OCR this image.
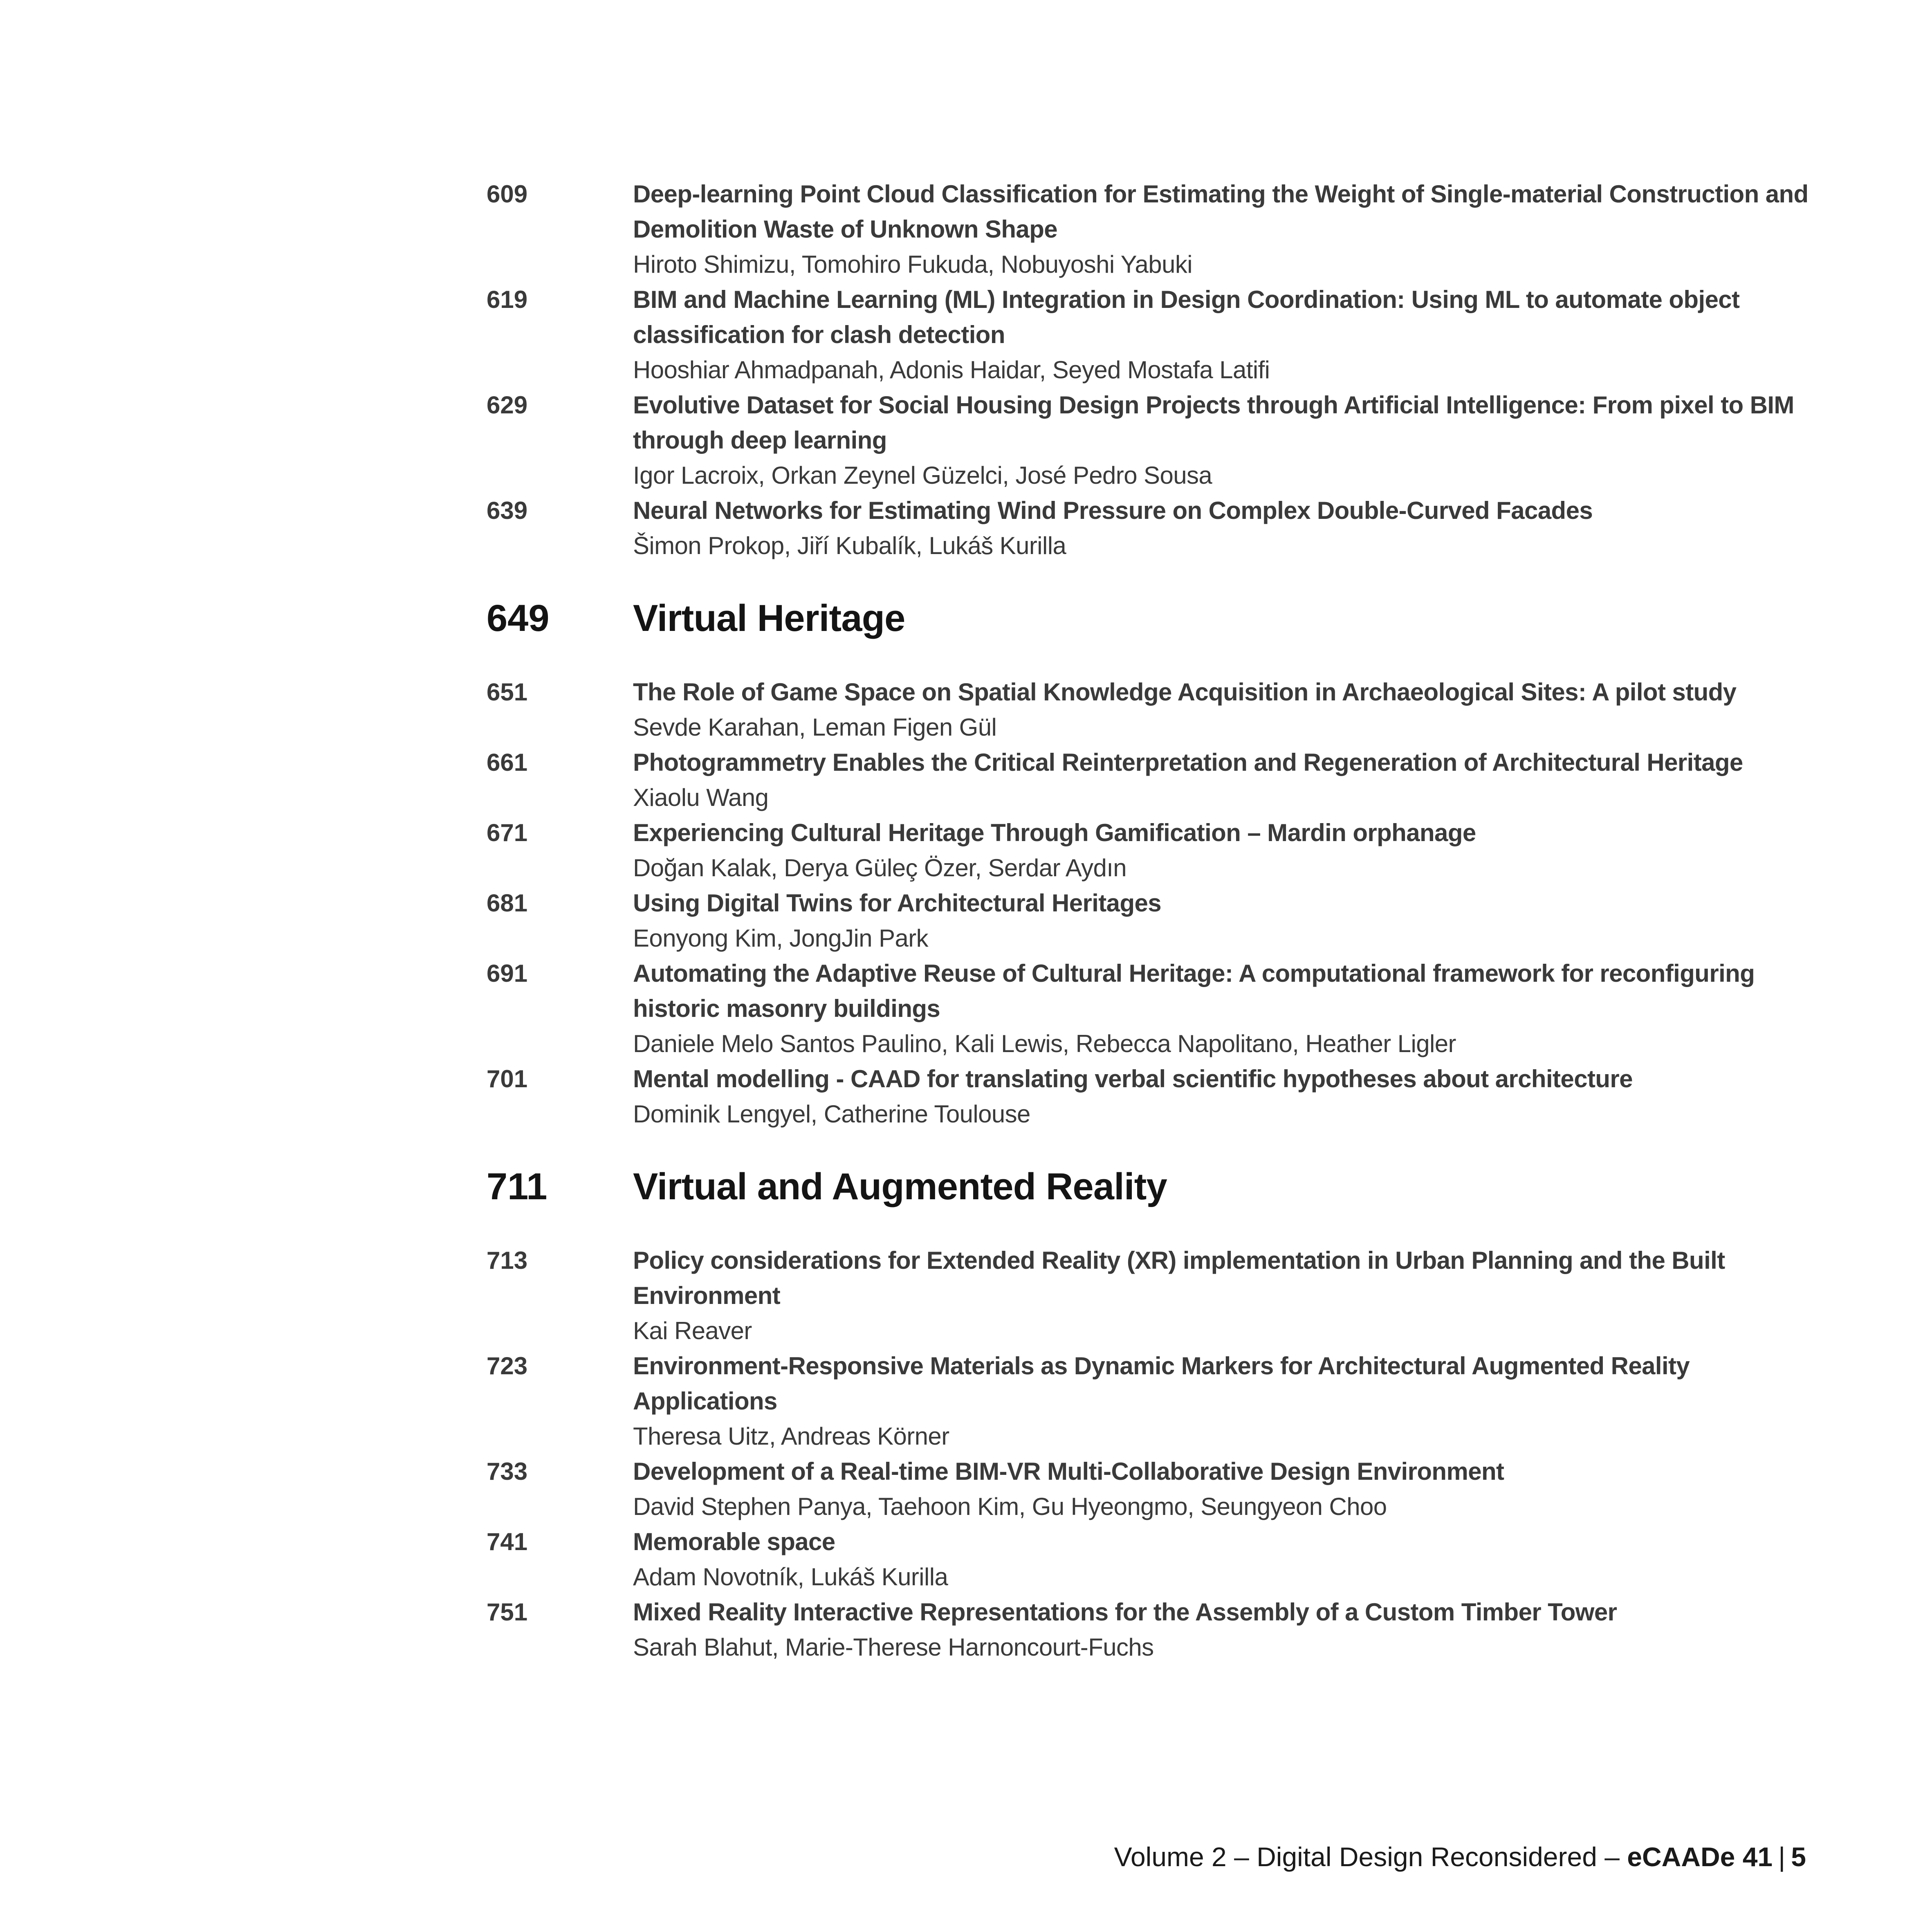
609	Deep-learning Point Cloud Classification for Estimating the Weight of Single-material Construction and Demolition Waste of Unknown Shape
Hiroto Shimizu, Tomohiro Fukuda, Nobuyoshi Yabuki
619	BIM and Machine Learning (ML) Integration in Design Coordination: Using ML to automate object classification for clash detection
Hooshiar Ahmadpanah, Adonis Haidar, Seyed Mostafa Latifi
629	Evolutive Dataset for Social Housing Design Projects through Artificial Intelligence: From pixel to BIM through deep learning
Igor Lacroix, Orkan Zeynel Güzelci, José Pedro Sousa
639	Neural Networks for Estimating Wind Pressure on Complex Double-Curved Facades
Šimon Prokop, Jiří Kubalík, Lukáš Kurilla
649	Virtual Heritage
651	The Role of Game Space on Spatial Knowledge Acquisition in Archaeological Sites: A pilot study
Sevde Karahan, Leman Figen Gül
661	Photogrammetry Enables the Critical Reinterpretation and Regeneration of Architectural Heritage
Xiaolu Wang
671	Experiencing Cultural Heritage Through Gamification – Mardin orphanage
Doğan Kalak, Derya Güleç Özer, Serdar Aydın
681	Using Digital Twins for Architectural Heritages
Eonyong Kim, JongJin Park
691	Automating the Adaptive Reuse of Cultural Heritage: A computational framework for reconfiguring historic masonry buildings
Daniele Melo Santos Paulino, Kali Lewis, Rebecca Napolitano, Heather Ligler
701	Mental modelling - CAAD for translating verbal scientific hypotheses about architecture
Dominik Lengyel, Catherine Toulouse
711	Virtual and Augmented Reality
713	Policy considerations for Extended Reality (XR) implementation in Urban Planning and the Built Environment
Kai Reaver
723	Environment-Responsive Materials as Dynamic Markers for Architectural Augmented Reality Applications
Theresa Uitz, Andreas Körner
733	Development of a Real-time BIM-VR Multi-Collaborative Design Environment
David Stephen Panya, Taehoon Kim, Gu Hyeongmo, Seungyeon Choo
741	Memorable space
Adam Novotník, Lukáš Kurilla
751	Mixed Reality Interactive Representations for the Assembly of a Custom Timber Tower
Sarah Blahut, Marie-Therese Harnoncourt-Fuchs
Volume 2 – Digital Design Reconsidered – eCAADe 41 | 5
